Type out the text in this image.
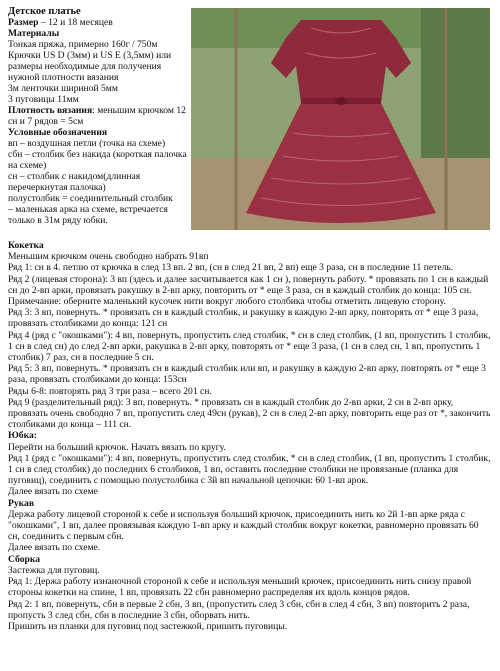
Детское платье
Размер – 12 и 18 месяцев
Материалы
Тонкая пряжа, примерно 160г / 750м
Крючки US D (3мм) и US E (3,5мм) или размеры необходимые для получения нужной плотности вязания
3м ленточки шириной 5мм
3 пуговицы 11мм
Плотность вязания: меньшим крючком 12 сн и 7 рядов = 5см
Условные обозначения
вп – воздушная петли (точка на схеме)
сбн – столбик без накида (короткая палочка на схеме)
сн – столбик с накидом(длинная перечеркнутая палочка)
полустолбик = соединительный столбик
– маленькая арка на схеме, встречается только в 31м ряду юбки.
Кокетка
Меньшим крючком очень свободно набрать 91вп
Ряд 1: сн в 4. петлю от крючка в след 13 вп. 2 вп, (сн в след 21 вп, 2 вп) еще 3 раза, сн в последние 11 петель.
Ряд 2 (лицевая сторона): 3 вп (здесь и далее засчитывается как 1 сн ), повернуть работу. * провязать по 1 сн в каждый сн до 2-вп арки, провязать ракушку в 2-вп арку, повторить от * еще 3 раза, сн в каждый столбик до конца: 105 сн.
Примечание: оберните маленький кусочек нити вокруг любого столбика чтобы отметить лицевую сторону.
Ряд 3: 3 вп, повернуть. * провязать сн в каждый столбик, и ракушку в каждую 2-вп арку, повторять от * еще 3 раза, провязать столбиками до конца: 121 сн
Ряд 4 (ряд с "окошками"): 4 вп, повернуть, пропустить след столбик, * сн в след столбик, (1 вп, пропустить 1 столбик, 1 сн в след сн) до след 2-вп арки, ракушка в 2-вп арку, повторять от * еще 3 раза, (1 сн в след сн, 1 вп, пропустить 1 столбик) 7 раз, сн в последние 5 сн.
Ряд 5: 3 вп, повернуть. * провязать сн в каждый столбик или вп, и ракушку в каждую 2-вп арку, повторять от * еще 3 раза, провязать столбиками до конца: 153сн
Ряды 6-8: повторять ряд 3 три раза – всего 201 сн.
Ряд 9 (разделительный ряд): 3 вп, повернуть. * провязать сн в каждый столбик до 2-вп арки, 2 сн в 2-вп арку, провязать очень свободно 7 вп, пропустить след 49сн (рукав), 2 сн в след 2-вп арку, повторить еще раз от *, закончить столбиками до конца – 111 сн.
Юбка:
Перейти на больший крючок. Начать вязать по кругу.
Ряд 1 (ряд с "окошками"): 4 вп, повернуть, пропустить след столбик, * сн в след столбик, (1 вп, пропустить 1 столбик, 1 сн в след столбик) до последних 6 столбиков, 1 вп, оставить последние столбики не провязаные (планка для пуговиц), соединить с помощью полустолбика с 3й вп начальной цепочки: 60 1-вп арок.
Далее вязать по схеме
Рукав
Держа работу лицевой стороной к себе и используя больший крючок, присоединить нить ко 2й 1-вп арке ряда с "окошками", 1 вп, далее провязывая каждую 1-вп арку и каждый столбик вокруг кокетки, равномерно провязать 60 сн, соединить с первым сбн.
Далее вязать по схеме.
Сборка
Застежка для пуговиц.
Ряд 1: Держа работу изнаночной стороной к себе и используя меньший крючек, присоединить нить снизу правой стороны кокетки на спине, 1 вп, провязать 22 сбн равномерно распределяя их вдоль концов рядов.
Ряд 2: 1 вп, повернуть, сбн в первые 2 сбн, 3 вп, (пропустить след 3 сбн, сбн в след 4 сбн, 3 вп) повторить 2 раза, пропусть 3 след сбн, сбн в последние 3 сбн, оборвать нить.
Пришить из планки для пуговиц под застежкой, пришить пуговицы.
